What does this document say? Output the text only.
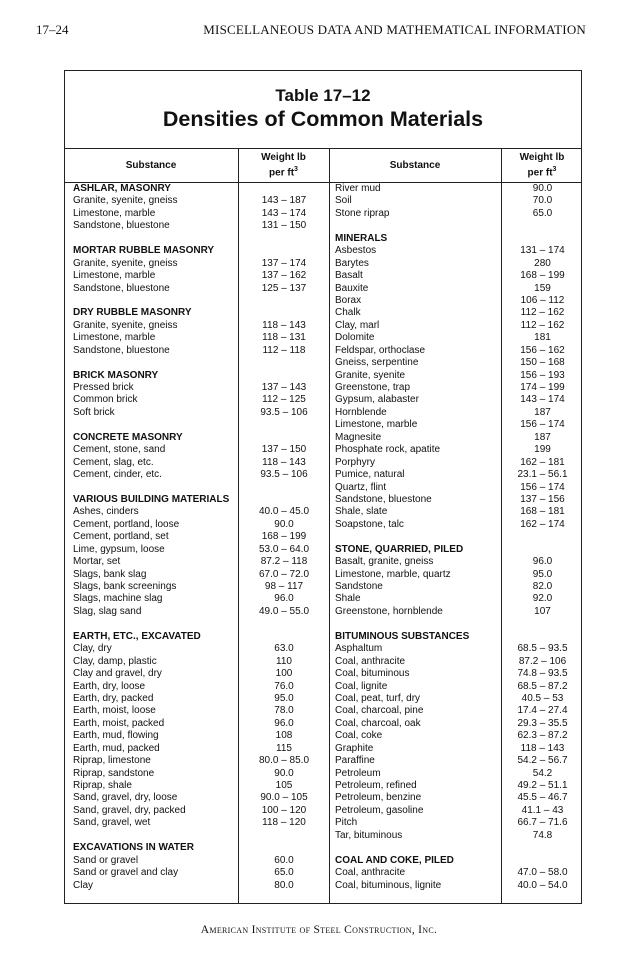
17–24	MISCELLANEOUS DATA AND MATHEMATICAL INFORMATION
Table 17–12
Densities of Common Materials
Substance
Weight lb
per $ft^3$	Substance
Weight lb
per $ft^3$
ASHLAR, MASONRY
Granite, syenite, gneiss
Limestone, marble
Sandstone, bluestone

MORTAR RUBBLE MASONRY
Granite, syenite, gneiss
Limestone, marble
Sandstone, bluestone

DRY RUBBLE MASONRY
Granite, syenite, gneiss
Limestone, marble
Sandstone, bluestone

BRICK MASONRY
Pressed brick
Common brick
Soft brick

CONCRETE MASONRY
Cement, stone, sand
Cement, slag, etc.
Cement, cinder, etc.

VARIOUS BUILDING MATERIALS
Ashes, cinders
Cement, portland, loose
Cement, portland, set
Lime, gypsum, loose
Mortar, set
Slags, bank slag
Slags, bank screenings
Slags, machine slag
Slag, slag sand

EARTH, ETC., EXCAVATED
Clay, dry
Clay, damp, plastic
Clay and gravel, dry
Earth, dry, loose
Earth, dry, packed
Earth, moist, loose
Earth, moist, packed
Earth, mud, flowing
Earth, mud, packed
Riprap, limestone
Riprap, sandstone
Riprap, shale
Sand, gravel, dry, loose
Sand, gravel, dry, packed
Sand, gravel, wet

EXCAVATIONS IN WATER
Sand or gravel
Sand or gravel and clay
Clay

143 – 187
143 – 174
131 – 150

137 – 174
137 – 162
125 – 137

118 – 143
118 – 131
112 – 118

137 – 143
112 – 125
93.5 – 106

137 – 150
118 – 143
93.5 – 106

40.0 – 45.0
90.0
168 – 199
53.0 – 64.0
87.2 – 118
67.0 – 72.0
98 – 117
96.0
49.0 – 55.0

63.0
110
100
76.0
95.0
78.0
96.0
108
115
80.0 – 85.0
90.0
105
90.0 – 105
100 – 120
118 – 120

60.0
65.0
80.0
River mud
Soil
Stone riprap

MINERALS
Asbestos
Barytes
Basalt
Bauxite
Borax
Chalk
Clay, marl
Dolomite
Feldspar, orthoclase
Gneiss, serpentine
Granite, syenite
Greenstone, trap
Gypsum, alabaster
Hornblende
Limestone, marble
Magnesite
Phosphate rock, apatite
Porphyry
Pumice, natural
Quartz, flint
Sandstone, bluestone
Shale, slate
Soapstone, talc

STONE, QUARRIED, PILED
Basalt, granite, gneiss
Limestone, marble, quartz
Sandstone
Shale
Greenstone, hornblende

BITUMINOUS SUBSTANCES
Asphaltum
Coal, anthracite
Coal, bituminous
Coal, lignite
Coal, peat, turf, dry
Coal, charcoal, pine
Coal, charcoal, oak
Coal, coke
Graphite
Paraffine
Petroleum
Petroleum, refined
Petroleum, benzine
Petroleum, gasoline
Pitch
Tar, bituminous

COAL AND COKE, PILED
Coal, anthracite
Coal, bituminous, lignite
90.0
70.0
65.0

131 – 174
280
168 – 199
159
106 – 112
112 – 162
112 – 162
181
156 – 162
150 – 168
156 – 193
174 – 199
143 – 174
187
156 – 174
187
199
162 – 181
23.1 – 56.1
156 – 174
137 – 156
168 – 181
162 – 174

96.0
95.0
82.0
92.0
107

68.5 – 93.5
87.2 – 106
74.8 – 93.5
68.5 – 87.2
40.5 – 53
17.4 – 27.4
29.3 – 35.5
62.3 – 87.2
118 – 143
54.2 – 56.7
54.2
49.2 – 51.1
45.5 – 46.7
41.1 – 43
66.7 – 71.6
74.8

47.0 – 58.0
40.0 – 54.0
American Institute of Steel Construction, Inc.
